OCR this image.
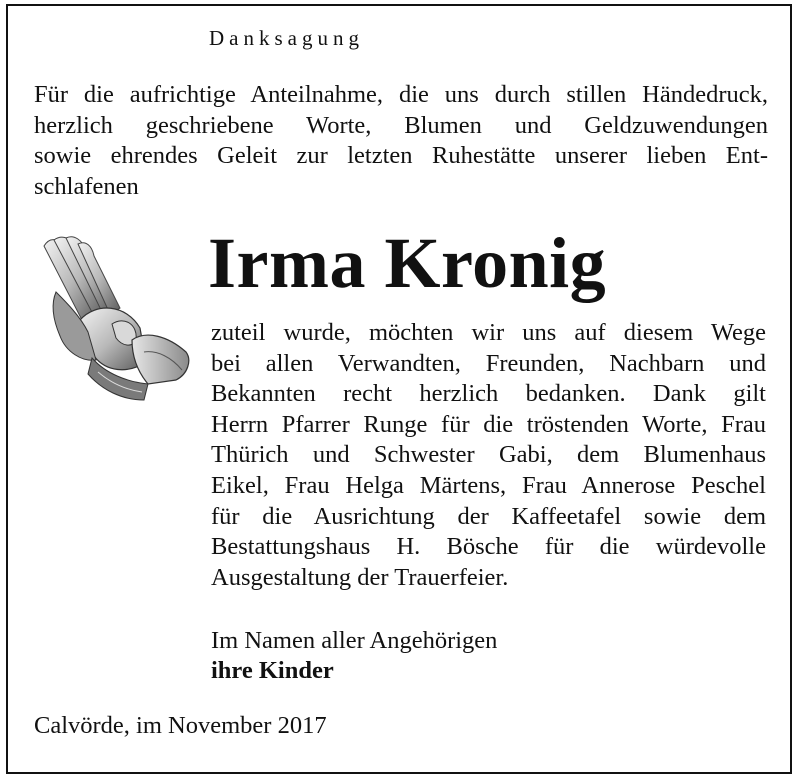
Danksagung
Für die aufrichtige Anteilnahme, die uns durch stillen Händedruck,
herzlich geschriebene Worte, Blumen und Geldzuwendungen
sowie ehrendes Geleit zur letzten Ruhestätte unserer lieben Ent-
schlafenen
Irma Kronig
zuteil wurde, möchten wir uns auf diesem Wege
bei allen Verwandten, Freunden, Nachbarn und
Bekannten recht herzlich bedanken. Dank gilt
Herrn Pfarrer Runge für die tröstenden Worte, Frau
Thürich und Schwester Gabi, dem Blumenhaus
Eikel, Frau Helga Märtens, Frau Annerose Peschel
für die Ausrichtung der Kaffeetafel sowie dem
Bestattungshaus H. Bösche für die würdevolle
Ausgestaltung der Trauerfeier.
Im Namen aller Angehörigen
ihre Kinder
Calvörde, im November 2017
